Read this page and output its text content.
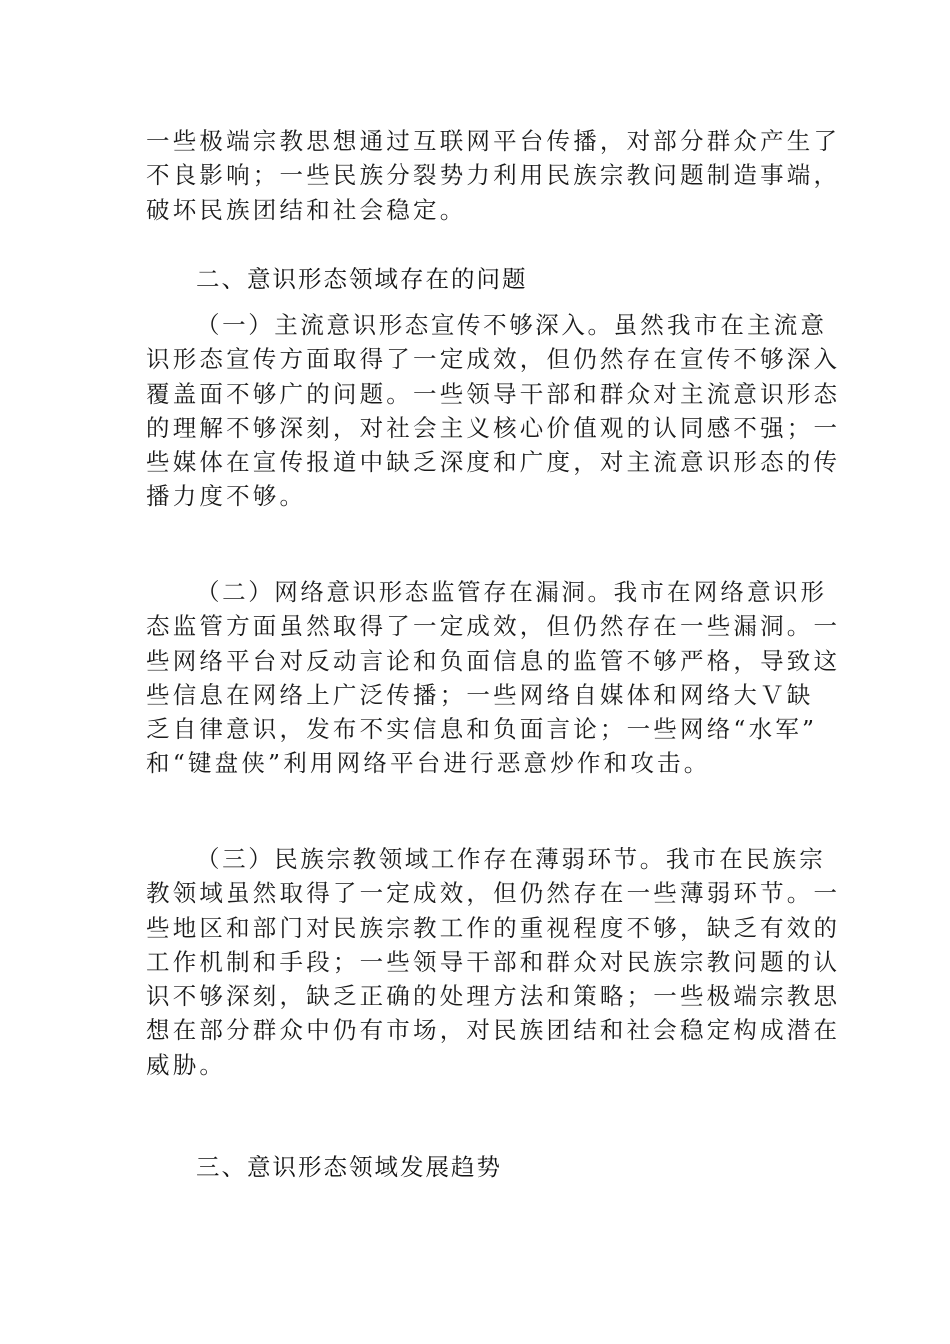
一些极端宗教思想通过互联网平台传播，对部分群众产生了
不良影响；一些民族分裂势力利用民族宗教问题制造事端，
破坏民族团结和社会稳定。
二、意识形态领域存在的问题
（一）主流意识形态宣传不够深入。虽然我市在主流意
识形态宣传方面取得了一定成效，但仍然存在宣传不够深入
覆盖面不够广的问题。一些领导干部和群众对主流意识形态
的理解不够深刻，对社会主义核心价值观的认同感不强；一
些媒体在宣传报道中缺乏深度和广度，对主流意识形态的传
播力度不够。
（二）网络意识形态监管存在漏洞。我市在网络意识形
态监管方面虽然取得了一定成效，但仍然存在一些漏洞。一
些网络平台对反动言论和负面信息的监管不够严格，导致这
些信息在网络上广泛传播；一些网络自媒体和网络大Ｖ缺
乏自律意识，发布不实信息和负面言论；一些网络“水军”
和“键盘侠”利用网络平台进行恶意炒作和攻击。
（三）民族宗教领域工作存在薄弱环节。我市在民族宗
教领域虽然取得了一定成效，但仍然存在一些薄弱环节。一
些地区和部门对民族宗教工作的重视程度不够，缺乏有效的
工作机制和手段；一些领导干部和群众对民族宗教问题的认
识不够深刻，缺乏正确的处理方法和策略；一些极端宗教思
想在部分群众中仍有市场，对民族团结和社会稳定构成潜在
威胁。
三、意识形态领域发展趋势
